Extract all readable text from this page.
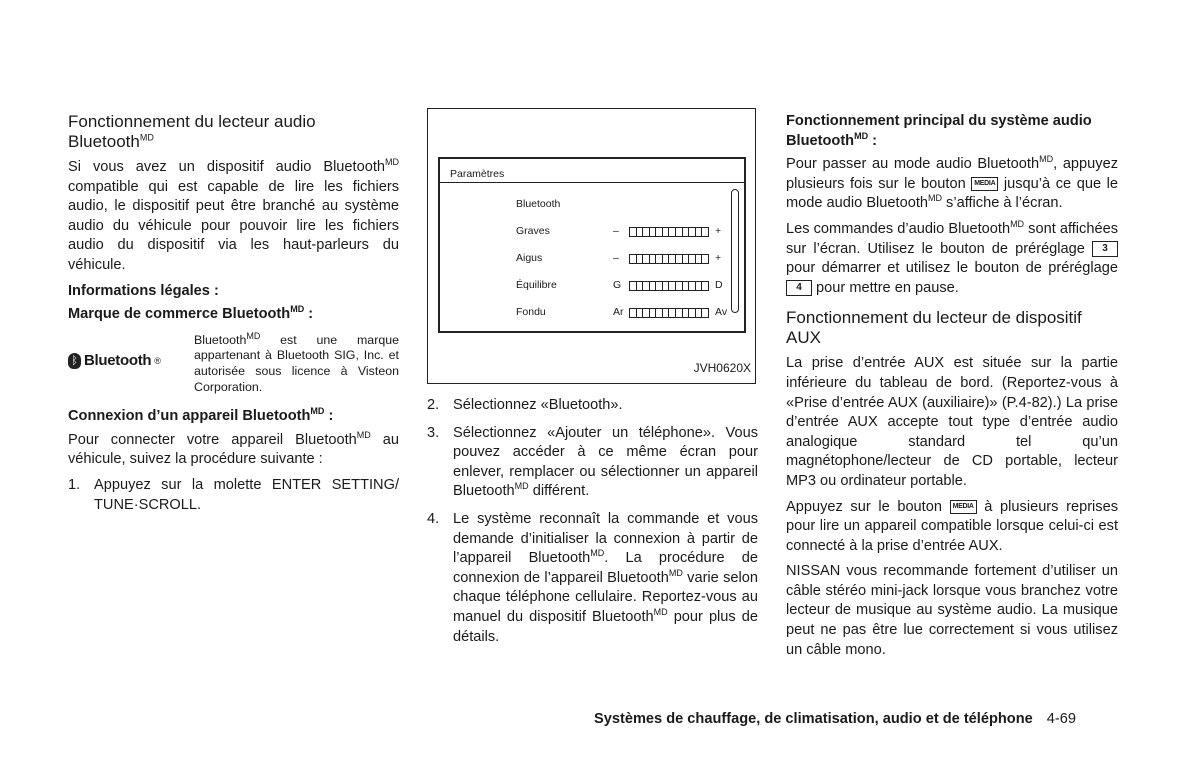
Fonctionnement du lecteur audio Bluetooth$^{MD}$

Si vous avez un dispositif audio Bluetooth$^{MD}$ compatible qui est capable de lire les fichiers audio, le dispositif peut être branché au système audio du véhicule pour pouvoir lire les fichiers audio du dispositif via les haut-parleurs du véhicule.

Informations légales :
Marque de commerce Bluetooth$^{MD}$ :
ᛒ Bluetooth ®
Bluetooth$^{MD}$ est une marque appartenant à Bluetooth SIG, Inc. et autorisée sous licence à Visteon Corporation.
Connexion d’un appareil Bluetooth$^{MD}$ :

Pour connecter votre appareil Bluetooth$^{MD}$ au véhicule, suivez la procédure suivante :

1. Appuyez sur la molette ENTER SETTING/ TUNE·SCROLL.
Paramètres
Bluetooth
Graves
Aigus
Équilibre
Fondu
–	+
–	+
G	D
Ar	Av
JVH0620X
2. Sélectionnez «Bluetooth».
3. Sélectionnez «Ajouter un téléphone». Vous pouvez accéder à ce même écran pour enlever, remplacer ou sélectionner un appareil Bluetooth$^{MD}$ différent.
4. Le système reconnaît la commande et vous demande d’initialiser la connexion à partir de l’appareil Bluetooth$^{MD}$. La procédure de connexion de l’appareil Bluetooth$^{MD}$ varie selon chaque téléphone cellulaire. Reportez-vous au manuel du dispositif Bluetooth$^{MD}$ pour plus de détails.
Fonctionnement principal du système audio Bluetooth$^{MD}$ :

Pour passer au mode audio Bluetooth$^{MD}$, appuyez plusieurs fois sur le bouton MEDIA jusqu’à ce que le mode audio Bluetooth$^{MD}$ s’affiche à l’écran.

Les commandes d’audio Bluetooth$^{MD}$ sont affichées sur l’écran. Utilisez le bouton de préréglage 3 pour démarrer et utilisez le bouton de préréglage 4 pour mettre en pause.

Fonctionnement du lecteur de dispositif AUX

La prise d’entrée AUX est située sur la partie inférieure du tableau de bord. (Reportez-vous à «Prise d’entrée AUX (auxiliaire)» (P.4-82).) La prise d’entrée AUX accepte tout type d’entrée audio analogique standard tel qu’un magnétophone/lecteur de CD portable, lecteur MP3 ou ordinateur portable.

Appuyez sur le bouton MEDIA à plusieurs reprises pour lire un appareil compatible lorsque celui-ci est connecté à la prise d’entrée AUX.

NISSAN vous recommande fortement d’utiliser un câble stéréo mini-jack lorsque vous branchez votre lecteur de musique au système audio. La musique peut ne pas être lue correctement si vous utilisez un câble mono.

Systèmes de chauffage, de climatisation, audio et de téléphone 4-69
